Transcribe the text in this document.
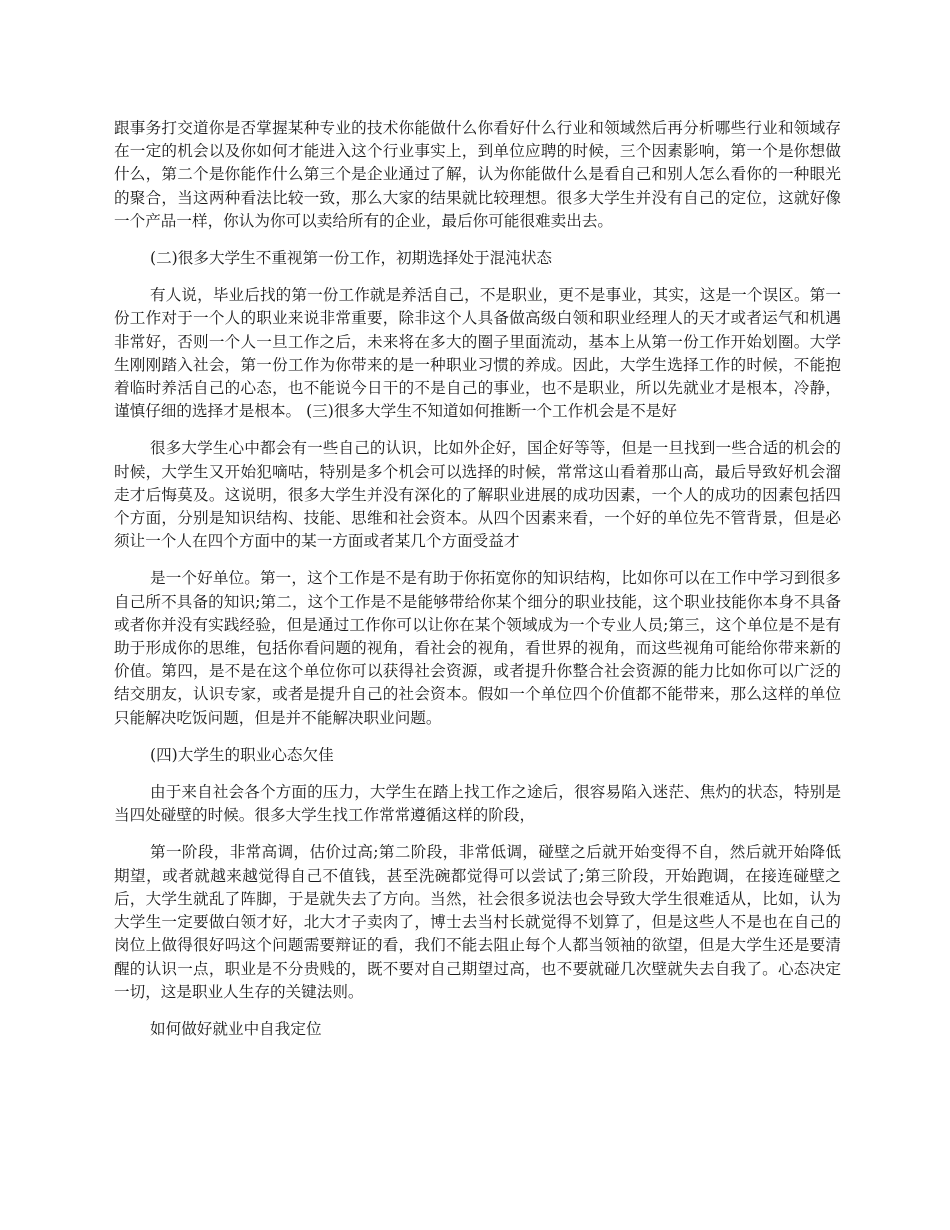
跟事务打交道你是否掌握某种专业的技术你能做什么你看好什么行业和领域然后再分析哪些行业和领域存在一定的机会以及你如何才能进入这个行业事实上，到单位应聘的时候，三个因素影响，第一个是你想做什么，第二个是你能作什么第三个是企业通过了解，认为你能做什么是看自己和别人怎么看你的一种眼光的聚合，当这两种看法比较一致，那么大家的结果就比较理想。很多大学生并没有自己的定位，这就好像一个产品一样，你认为你可以卖给所有的企业，最后你可能很难卖出去。

(二)很多大学生不重视第一份工作，初期选择处于混沌状态

有人说，毕业后找的第一份工作就是养活自己，不是职业，更不是事业，其实，这是一个误区。第一份工作对于一个人的职业来说非常重要，除非这个人具备做高级白领和职业经理人的天才或者运气和机遇非常好，否则一个人一旦工作之后，未来将在多大的圈子里面流动，基本上从第一份工作开始划圈。大学生刚刚踏入社会，第一份工作为你带来的是一种职业习惯的养成。因此，大学生选择工作的时候，不能抱着临时养活自己的心态，也不能说今日干的不是自己的事业，也不是职业，所以先就业才是根本，冷静，谨慎仔细的选择才是根本。 (三)很多大学生不知道如何推断一个工作机会是不是好

很多大学生心中都会有一些自己的认识，比如外企好，国企好等等，但是一旦找到一些合适的机会的时候，大学生又开始犯嘀咕，特别是多个机会可以选择的时候，常常这山看着那山高，最后导致好机会溜走才后悔莫及。这说明，很多大学生并没有深化的了解职业进展的成功因素，一个人的成功的因素包括四个方面，分别是知识结构、技能、思维和社会资本。从四个因素来看，一个好的单位先不管背景，但是必须让一个人在四个方面中的某一方面或者某几个方面受益才

是一个好单位。第一，这个工作是不是有助于你拓宽你的知识结构，比如你可以在工作中学习到很多自己所不具备的知识;第二，这个工作是不是能够带给你某个细分的职业技能，这个职业技能你本身不具备或者你并没有实践经验，但是通过工作你可以让你在某个领域成为一个专业人员;第三，这个单位是不是有助于形成你的思维，包括你看问题的视角，看社会的视角，看世界的视角，而这些视角可能给你带来新的价值。第四，是不是在这个单位你可以获得社会资源，或者提升你整合社会资源的能力比如你可以广泛的结交朋友，认识专家，或者是提升自己的社会资本。假如一个单位四个价值都不能带来，那么这样的单位只能解决吃饭问题，但是并不能解决职业问题。

(四)大学生的职业心态欠佳

由于来自社会各个方面的压力，大学生在踏上找工作之途后，很容易陷入迷茫、焦灼的状态，特别是当四处碰壁的时候。很多大学生找工作常常遵循这样的阶段，

第一阶段，非常高调，估价过高;第二阶段，非常低调，碰壁之后就开始变得不自，然后就开始降低期望，或者就越来越觉得自己不值钱，甚至洗碗都觉得可以尝试了;第三阶段，开始跑调，在接连碰壁之后，大学生就乱了阵脚，于是就失去了方向。当然，社会很多说法也会导致大学生很难适从，比如，认为大学生一定要做白领才好，北大才子卖肉了，博士去当村长就觉得不划算了，但是这些人不是也在自己的岗位上做得很好吗这个问题需要辩证的看，我们不能去阻止每个人都当领袖的欲望，但是大学生还是要清醒的认识一点，职业是不分贵贱的，既不要对自己期望过高，也不要就碰几次壁就失去自我了。心态决定一切，这是职业人生存的关键法则。

如何做好就业中自我定位
